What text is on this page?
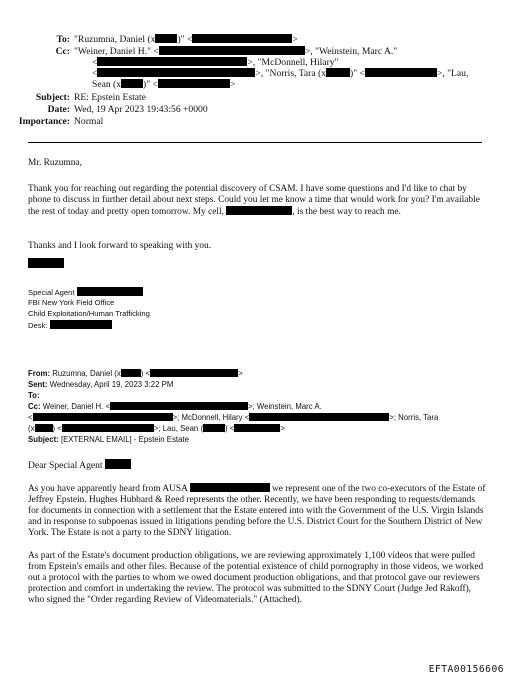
To: "Ruzumna, Daniel (x )" <	>
Cc: "Weiner, Daniel H." <	>, "Weinstein, Marc A."
<	>, "McDonnell, Hilary"
<	>, "Norris, Tara (x	)" <	>, "Lau,
Sean (x )" <	>
Subject: RE: Epstein Estate
Date: Wed, 19 Apr 2023 19:43:56 +0000
Importance: Normal
Mr. Ruzumna,
Thank you for reaching out regarding the potential discovery of CSAM. I have some questions and I'd like to chat by phone to discuss in further detail about next steps. Could you let me know a time that would work for you? I'm available the rest of today and pretty open tomorrow. My cell,	, is the best way to reach me.
Thanks and I look forward to speaking with you.
Special Agent
FBI New York Field Office
Child Exploitation/Human Trafficking
Desk:
From: Ruzumna, Daniel (x	) <	>
Sent: Wednesday, April 19, 2023 3:22 PM
To:
Cc: Weiner, Daniel H. <	>; Weinstein, Marc A.
<	>; McDonnell, Hilary <	>; Norris, Tara
(x ) <	>; Lau, Sean (	) <	>
Subject: [EXTERNAL EMAIL] - Epstein Estate
Dear Special Agent
As you have apparently heard from AUSA	we represent one of the two co-executors of the Estate of Jeffrey Epstein. Hughes Hubbard & Reed represents the other. Recently, we have been responding to requests/demands for documents in connection with a settlement that the Estate entered into with the Government of the U.S. Virgin Islands and in response to subpoenas issued in litigations pending before the U.S. District Court for the Southern District of New York. The Estate is not a party to the SDNY litigation.
As part of the Estate's document production obligations, we are reviewing approximately 1,100 videos that were pulled from Epstein's emails and other files. Because of the potential existence of child pornography in those videos, we worked out a protocol with the parties to whom we owed document production obligations, and that protocol gave our reviewers protection and comfort in undertaking the review. The protocol was submitted to the SDNY Court (Judge Jed Rakoff), who signed the "Order regarding Review of Videomaterials." (Attached).
EFTA00156606
